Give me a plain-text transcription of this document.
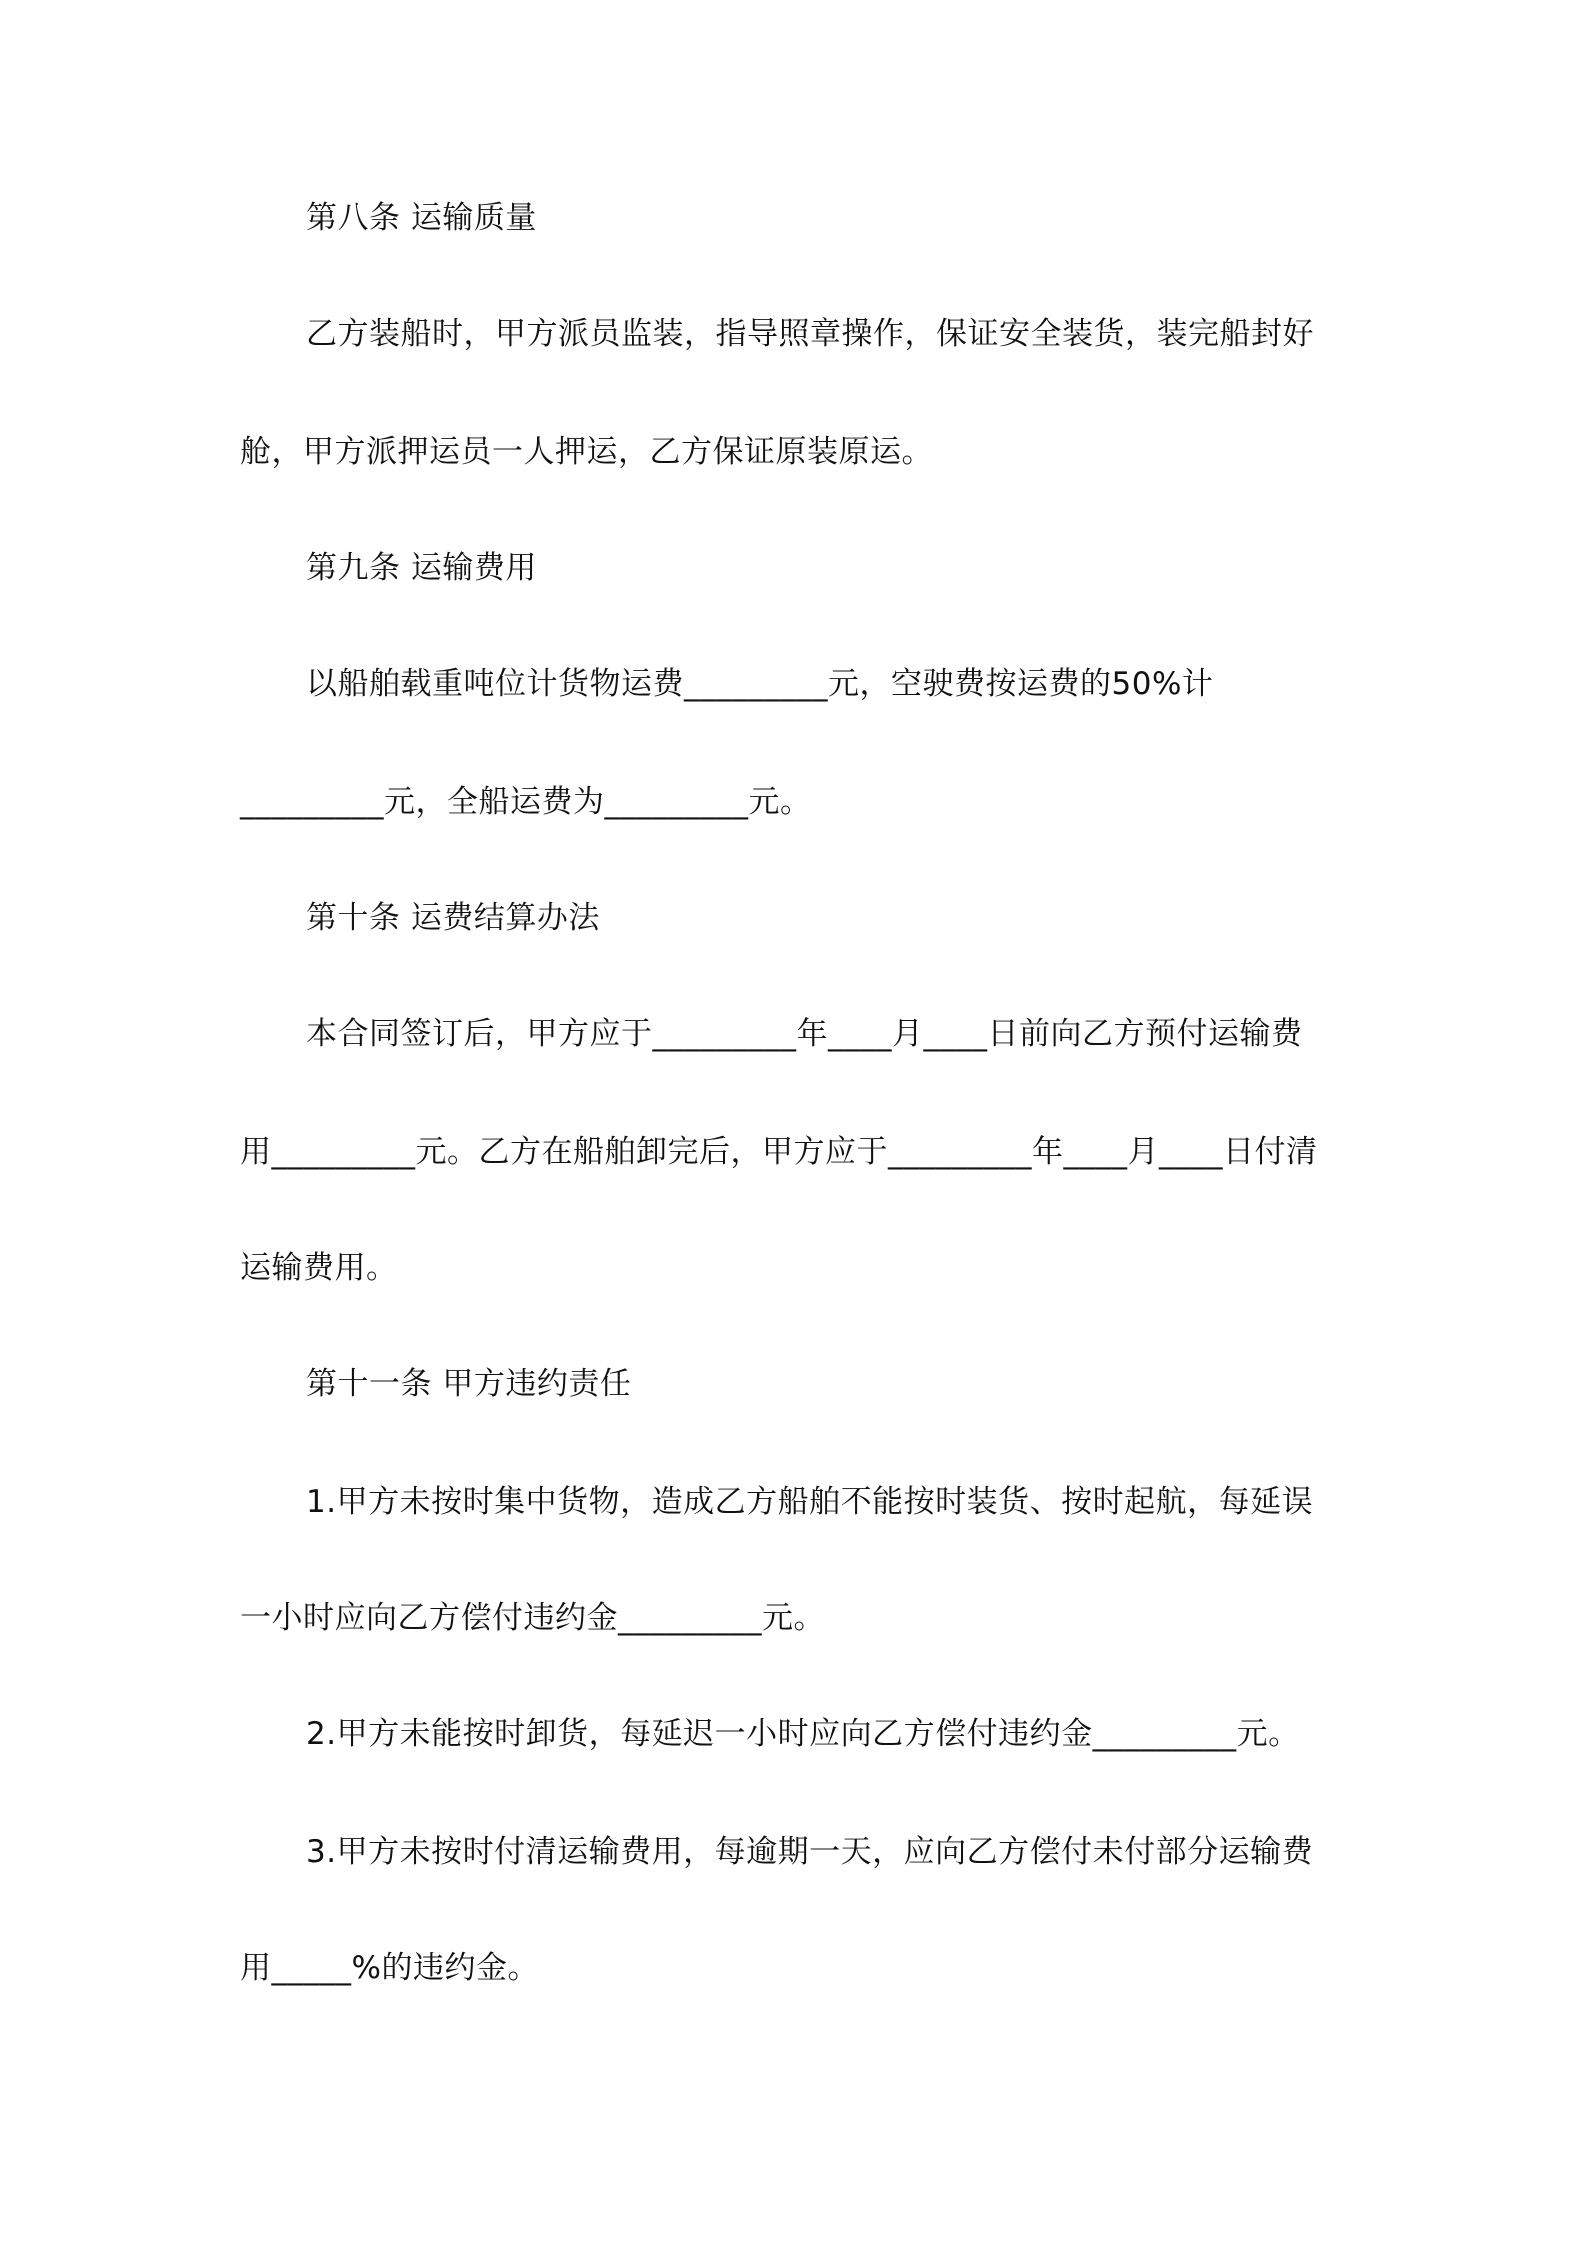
第八条 运输质量
乙方装船时，甲方派员监装，指导照章操作，保证安全装货，装完船封好
舱，甲方派押运员一人押运，乙方保证原装原运。
第九条 运输费用
以船舶载重吨位计货物运费_________元，空驶费按运费的50%计
_________元，全船运费为_________元。
第十条 运费结算办法
本合同签订后，甲方应于_________年____月____日前向乙方预付运输费
用_________元。乙方在船舶卸完后，甲方应于_________年____月____日付清
运输费用。
第十一条 甲方违约责任
1.甲方未按时集中货物，造成乙方船舶不能按时装货、按时起航，每延误
一小时应向乙方偿付违约金_________元。
2.甲方未能按时卸货，每延迟一小时应向乙方偿付违约金_________元。
3.甲方未按时付清运输费用，每逾期一天，应向乙方偿付未付部分运输费
用_____%的违约金。
